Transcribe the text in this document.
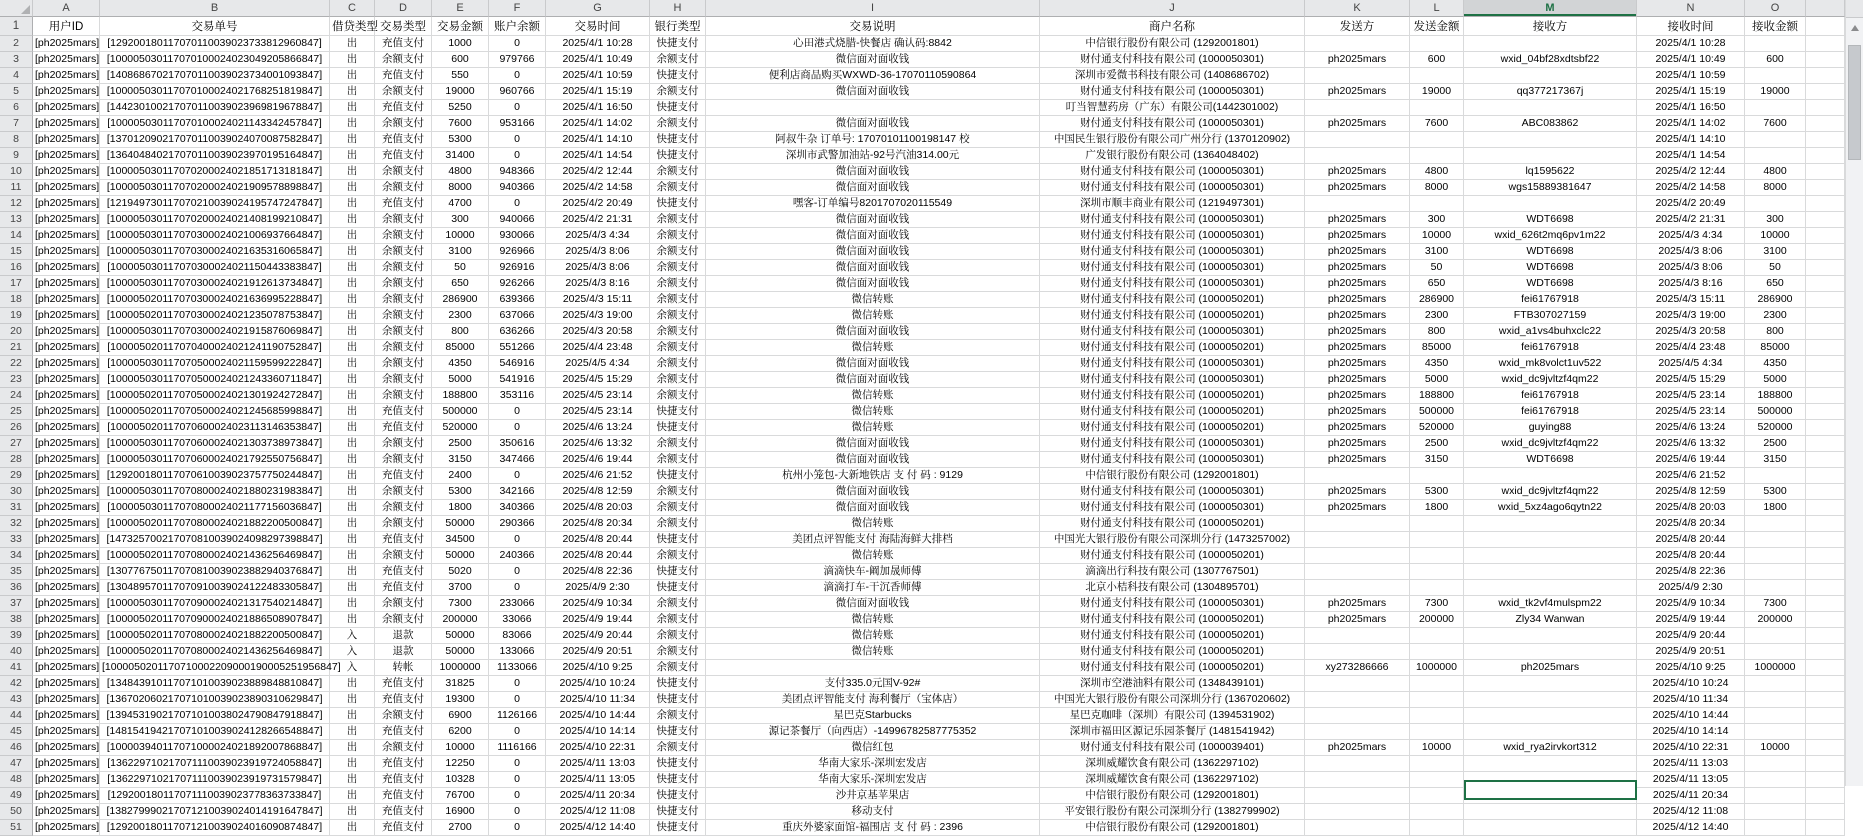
	A	B	C	D	E	F	G	H	I	J	K	L	M	N	O	
1	用户ID	交易单号	借贷类型	交易类型	交易金额	账户余额	交易时间	银行类型	交易说明	商户名称	发送方	发送金额	接收方	接收时间	接收金额	
2	[ph2025mars]	[129200180117070110039023733812960847]	出	充值支付	1000	0	2025/4/1 10:28	快捷支付	心田港式烧腊-快餐店 确认码:8842	中信银行股份有限公司 (1292001801)				2025/4/1 10:28		
3	[ph2025mars]	[100005030117070100024023049205866847]	出	余额支付	600	979766	2025/4/1 10:49	余额支付	微信面对面收钱	财付通支付科技有限公司 (1000050301)	ph2025mars	600	wxid_04bf28xdtsbf22	2025/4/1 10:49	600	
4	[ph2025mars]	[140868670217070110039023734001093847]	出	充值支付	550	0	2025/4/1 10:59	快捷支付	便利店商品购买WXWD-36-17070110590864	深圳市爱微书科技有限公司 (1408686702)				2025/4/1 10:59		
5	[ph2025mars]	[100005030117070100024021768251819847]	出	余额支付	19000	960766	2025/4/1 15:19	余额支付	微信面对面收钱	财付通支付科技有限公司 (1000050301)	ph2025mars	19000	qq377217367j	2025/4/1 15:19	19000	
6	[ph2025mars]	[144230100217070110039023969819678847]	出	充值支付	5250	0	2025/4/1 16:50	快捷支付		叮当智慧药房（广东）有限公司(1442301002)				2025/4/1 16:50		
7	[ph2025mars]	[100005030117070100024021143342457847]	出	余额支付	7600	953166	2025/4/1 14:02	余额支付	微信面对面收钱	财付通支付科技有限公司 (1000050301)	ph2025mars	7600	ABC083862	2025/4/1 14:02	7600	
8	[ph2025mars]	[137012090217070110039024070087582847]	出	充值支付	5300	0	2025/4/1 14:10	快捷支付	阿叔牛杂 订单号: 17070101100198147 校	中国民生银行股份有限公司广州分行 (1370120902)				2025/4/1 14:10		
9	[ph2025mars]	[136404840217070110039023970195164847]	出	充值支付	31400	0	2025/4/1 14:54	快捷支付	深圳市武警加油站-92号汽油314.00元	广发银行股份有限公司 (1364048402)				2025/4/1 14:54		
10	[ph2025mars]	[100005030117070200024021851713181847]	出	余额支付	4800	948366	2025/4/2 12:44	余额支付	微信面对面收钱	财付通支付科技有限公司 (1000050301)	ph2025mars	4800	lq1595622	2025/4/2 12:44	4800	
11	[ph2025mars]	[100005030117070200024021909578898847]	出	余额支付	8000	940366	2025/4/2 14:58	余额支付	微信面对面收钱	财付通支付科技有限公司 (1000050301)	ph2025mars	8000	wgs15889381647	2025/4/2 14:58	8000	
12	[ph2025mars]	[121949730117070210039024195747247847]	出	充值支付	4700	0	2025/4/2 20:49	快捷支付	嘿客-订单编号8201707020115549	深圳市顺丰商业有限公司 (1219497301)				2025/4/2 20:49		
13	[ph2025mars]	[100005030117070200024021408199210847]	出	余额支付	300	940066	2025/4/2 21:31	余额支付	微信面对面收钱	财付通支付科技有限公司 (1000050301)	ph2025mars	300	WDT6698	2025/4/2 21:31	300	
14	[ph2025mars]	[100005030117070300024021006937664847]	出	余额支付	10000	930066	2025/4/3 4:34	余额支付	微信面对面收钱	财付通支付科技有限公司 (1000050301)	ph2025mars	10000	wxid_626t2mq6pv1m22	2025/4/3 4:34	10000	
15	[ph2025mars]	[100005030117070300024021635316065847]	出	余额支付	3100	926966	2025/4/3 8:06	余额支付	微信面对面收钱	财付通支付科技有限公司 (1000050301)	ph2025mars	3100	WDT6698	2025/4/3 8:06	3100	
16	[ph2025mars]	[100005030117070300024021150443383847]	出	余额支付	50	926916	2025/4/3 8:06	余额支付	微信面对面收钱	财付通支付科技有限公司 (1000050301)	ph2025mars	50	WDT6698	2025/4/3 8:06	50	
17	[ph2025mars]	[100005030117070300024021912613734847]	出	余额支付	650	926266	2025/4/3 8:16	余额支付	微信面对面收钱	财付通支付科技有限公司 (1000050301)	ph2025mars	650	WDT6698	2025/4/3 8:16	650	
18	[ph2025mars]	[100005020117070300024021636995228847]	出	余额支付	286900	639366	2025/4/3 15:11	余额支付	微信转账	财付通支付科技有限公司 (1000050201)	ph2025mars	286900	fei61767918	2025/4/3 15:11	286900	
19	[ph2025mars]	[100005020117070300024021235078753847]	出	余额支付	2300	637066	2025/4/3 19:00	余额支付	微信转账	财付通支付科技有限公司 (1000050201)	ph2025mars	2300	FTB307027159	2025/4/3 19:00	2300	
20	[ph2025mars]	[100005030117070300024021915876069847]	出	余额支付	800	636266	2025/4/3 20:58	余额支付	微信面对面收钱	财付通支付科技有限公司 (1000050301)	ph2025mars	800	wxid_a1vs4buhxclc22	2025/4/3 20:58	800	
21	[ph2025mars]	[100005020117070400024021241190752847]	出	余额支付	85000	551266	2025/4/4 23:48	余额支付	微信转账	财付通支付科技有限公司 (1000050201)	ph2025mars	85000	fei61767918	2025/4/4 23:48	85000	
22	[ph2025mars]	[100005030117070500024021159599222847]	出	余额支付	4350	546916	2025/4/5 4:34	余额支付	微信面对面收钱	财付通支付科技有限公司 (1000050301)	ph2025mars	4350	wxid_mk8volct1uv522	2025/4/5 4:34	4350	
23	[ph2025mars]	[100005030117070500024021243360711847]	出	余额支付	5000	541916	2025/4/5 15:29	余额支付	微信面对面收钱	财付通支付科技有限公司 (1000050301)	ph2025mars	5000	wxid_dc9jvltzf4qm22	2025/4/5 15:29	5000	
24	[ph2025mars]	[100005020117070500024021301924272847]	出	余额支付	188800	353116	2025/4/5 23:14	余额支付	微信转账	财付通支付科技有限公司 (1000050201)	ph2025mars	188800	fei61767918	2025/4/5 23:14	188800	
25	[ph2025mars]	[100005020117070500024021245685998847]	出	充值支付	500000	0	2025/4/5 23:14	快捷支付	微信转账	财付通支付科技有限公司 (1000050201)	ph2025mars	500000	fei61767918	2025/4/5 23:14	500000	
26	[ph2025mars]	[100005020117070600024023113146353847]	出	充值支付	520000	0	2025/4/6 13:24	快捷支付	微信转账	财付通支付科技有限公司 (1000050201)	ph2025mars	520000	guying88	2025/4/6 13:24	520000	
27	[ph2025mars]	[100005030117070600024021303738973847]	出	余额支付	2500	350616	2025/4/6 13:32	余额支付	微信面对面收钱	财付通支付科技有限公司 (1000050301)	ph2025mars	2500	wxid_dc9jvltzf4qm22	2025/4/6 13:32	2500	
28	[ph2025mars]	[100005030117070600024021792550756847]	出	余额支付	3150	347466	2025/4/6 19:44	余额支付	微信面对面收钱	财付通支付科技有限公司 (1000050301)	ph2025mars	3150	WDT6698	2025/4/6 19:44	3150	
29	[ph2025mars]	[129200180117070610039023757750244847]	出	充值支付	2400	0	2025/4/6 21:52	快捷支付	杭州小笼包-大新地铁店 支 付 码 : 9129	中信银行股份有限公司 (1292001801)				2025/4/6 21:52		
30	[ph2025mars]	[100005030117070800024021880231983847]	出	余额支付	5300	342166	2025/4/8 12:59	余额支付	微信面对面收钱	财付通支付科技有限公司 (1000050301)	ph2025mars	5300	wxid_dc9jvltzf4qm22	2025/4/8 12:59	5300	
31	[ph2025mars]	[100005030117070800024021177156036847]	出	余额支付	1800	340366	2025/4/8 20:03	余额支付	微信面对面收钱	财付通支付科技有限公司 (1000050301)	ph2025mars	1800	wxid_5xz4ago6qytn22	2025/4/8 20:03	1800	
32	[ph2025mars]	[100005020117070800024021882200500847]	出	余额支付	50000	290366	2025/4/8 20:34	余额支付	微信转账	财付通支付科技有限公司 (1000050201)				2025/4/8 20:34		
33	[ph2025mars]	[147325700217070810039024098297398847]	出	充值支付	34500	0	2025/4/8 20:44	快捷支付	美团点评智能支付 海陆海鲜大排档	中国光大银行股份有限公司深圳分行 (1473257002)				2025/4/8 20:44		
34	[ph2025mars]	[100005020117070800024021436256469847]	出	余额支付	50000	240366	2025/4/8 20:44	余额支付	微信转账	财付通支付科技有限公司 (1000050201)				2025/4/8 20:44		
35	[ph2025mars]	[130776750117070810039023882940376847]	出	充值支付	5020	0	2025/4/8 22:36	快捷支付	滴滴快车-阚加晟师傅	滴滴出行科技有限公司 (1307767501)				2025/4/8 22:36		
36	[ph2025mars]	[130489570117070910039024122483305847]	出	充值支付	3700	0	2025/4/9 2:30	快捷支付	滴滴打车-干沉香师傅	北京小桔科技有限公司 (1304895701)				2025/4/9 2:30		
37	[ph2025mars]	[100005030117070900024021317540214847]	出	余额支付	7300	233066	2025/4/9 10:34	余额支付	微信面对面收钱	财付通支付科技有限公司 (1000050301)	ph2025mars	7300	wxid_tk2vf4mulspm22	2025/4/9 10:34	7300	
38	[ph2025mars]	[100005020117070900024021886508907847]	出	余额支付	200000	33066	2025/4/9 19:44	余额支付	微信转账	财付通支付科技有限公司 (1000050201)	ph2025mars	200000	Zly34 Wanwan	2025/4/9 19:44	200000	
39	[ph2025mars]	[100005020117070800024021882200500847]	入	退款	50000	83066	2025/4/9 20:44	余额支付	微信转账	财付通支付科技有限公司 (1000050201)				2025/4/9 20:44		
40	[ph2025mars]	[100005020117070800024021436256469847]	入	退款	50000	133066	2025/4/9 20:51	余额支付	微信转账	财付通支付科技有限公司 (1000050201)				2025/4/9 20:51		
41	[ph2025mars]	[1000050201170710002209000190005251956847]	入	转帐	1000000	1133066	2025/4/10 9:25	余额支付		财付通支付科技有限公司 (1000050201)	xy273286666	1000000	ph2025mars	2025/4/10 9:25	1000000	
42	[ph2025mars]	[134843910117071010039023889848810847]	出	充值支付	31825	0	2025/4/10 10:24	快捷支付	支付335.0元国V-92#	深圳市空港油料有限公司 (1348439101)				2025/4/10 10:24		
43	[ph2025mars]	[136702060217071010039023890310629847]	出	充值支付	19300	0	2025/4/10 11:34	快捷支付	美团点评智能支付 海利餐厅（宝体店）	中国光大银行股份有限公司深圳分行 (1367020602)				2025/4/10 11:34		
44	[ph2025mars]	[139453190217071010038024790847918847]	出	余额支付	6900	1126166	2025/4/10 14:44	余额支付	星巴克Starbucks	星巴克咖啡（深圳）有限公司 (1394531902)				2025/4/10 14:44		
45	[ph2025mars]	[148154194217071010039024128266548847]	出	充值支付	6200	0	2025/4/10 14:14	快捷支付	源记茶餐厅（向西店）-14996782587775352	深圳市福田区源记乐园茶餐厅 (1481541942)				2025/4/10 14:14		
46	[ph2025mars]	[100003940117071000024021892007868847]	出	余额支付	10000	1116166	2025/4/10 22:31	余额支付	微信红包	财付通支付科技有限公司 (1000039401)	ph2025mars	10000	wxid_rya2irvkort312	2025/4/10 22:31	10000	
47	[ph2025mars]	[136229710217071110039023919724058847]	出	充值支付	12250	0	2025/4/11 13:03	快捷支付	华南大家乐-深圳宏发店	深圳威耀饮食有限公司 (1362297102)				2025/4/11 13:03		
48	[ph2025mars]	[136229710217071110039023919731579847]	出	充值支付	10328	0	2025/4/11 13:05	快捷支付	华南大家乐-深圳宏发店	深圳威耀饮食有限公司 (1362297102)				2025/4/11 13:05		
49	[ph2025mars]	[129200180117071110039023778363733847]	出	充值支付	76700	0	2025/4/11 20:34	快捷支付	沙井京基苹果店	中信银行股份有限公司 (1292001801)				2025/4/11 20:34		
50	[ph2025mars]	[138279990217071210039024014191647847]	出	充值支付	16900	0	2025/4/12 11:08	快捷支付	移动支付	平安银行股份有限公司深圳分行 (1382799902)				2025/4/12 11:08		
51	[ph2025mars]	[129200180117071210039024016090874847]	出	充值支付	2700	0	2025/4/12 14:40	快捷支付	重庆外婆家面馆-福围店 支 付 码 : 2396	中信银行股份有限公司 (1292001801)				2025/4/12 14:40		
